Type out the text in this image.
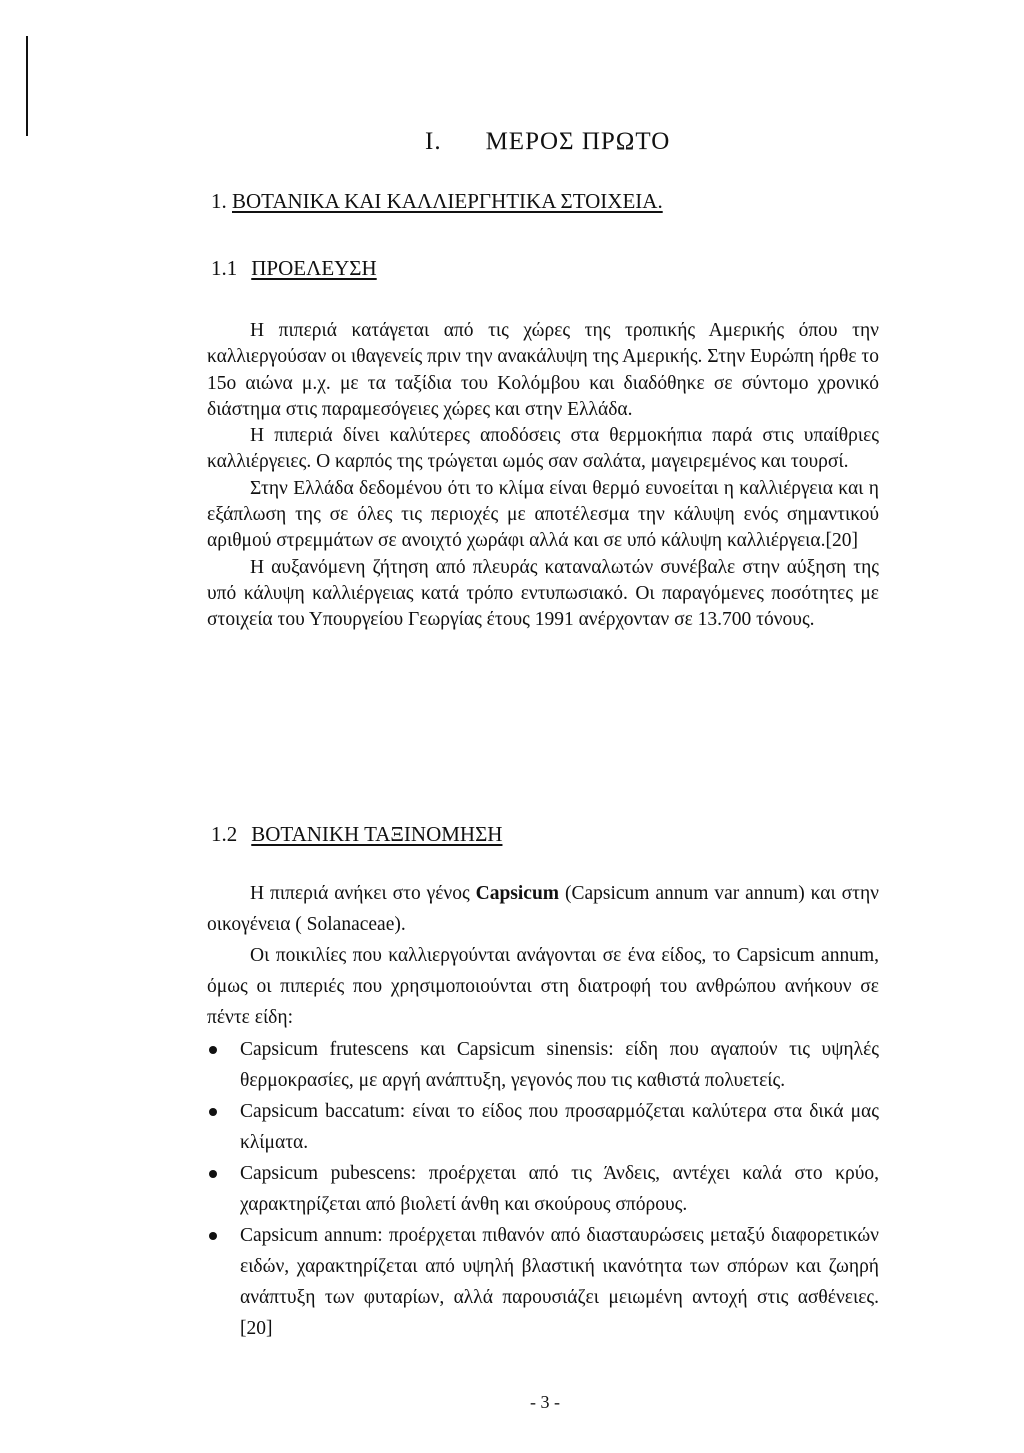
I. ΜΕΡΟΣ ΠΡΩΤΟ
1. ΒΟΤΑΝΙΚΑ ΚΑΙ ΚΑΛΛΙΕΡΓΗΤΙΚΑ ΣΤΟΙΧΕΙΑ.
1.1 ΠΡΟΕΛΕΥΣΗ

Η πιπεριά κατάγεται από τις χώρες της τροπικής Αμερικής όπου την καλλιεργούσαν οι ιθαγενείς πριν την ανακάλυψη της Αμερικής. Στην Ευρώπη ήρθε το 15ο αιώνα μ.χ. με τα ταξίδια του Κολόμβου και διαδόθηκε σε σύντομο χρονικό διάστημα στις παραμεσόγειες χώρες και στην Ελλάδα.

Η πιπεριά δίνει καλύτερες αποδόσεις στα θερμοκήπια παρά στις υπαίθριες καλλιέργειες. Ο καρπός της τρώγεται ωμός σαν σαλάτα, μαγειρεμένος και τουρσί.

Στην Ελλάδα δεδομένου ότι το κλίμα είναι θερμό ευνοείται η καλλιέργεια και η εξάπλωση της σε όλες τις περιοχές με αποτέλεσμα την κάλυψη ενός σημαντικού αριθμού στρεμμάτων σε ανοιχτό χωράφι αλλά και σε υπό κάλυψη καλλιέργεια.[20]

Η αυξανόμενη ζήτηση από πλευράς καταναλωτών συνέβαλε στην αύξηση της υπό κάλυψη καλλιέργειας κατά τρόπο εντυπωσιακό. Οι παραγόμενες ποσότητες με στοιχεία του Υπουργείου Γεωργίας έτους 1991 ανέρχονταν σε 13.700 τόνους.

1.2 ΒΟΤΑΝΙΚΗ ΤΑΞΙΝΟΜΗΣΗ

Η πιπεριά ανήκει στο γένος Capsicum (Capsicum annum var annum) και στην οικογένεια ( Solanaceae).

Οι ποικιλίες που καλλιεργούνται ανάγονται σε ένα είδος, το Capsicum annum, όμως οι πιπεριές που χρησιμοποιούνται στη διατροφή του ανθρώπου ανήκουν σε πέντε είδη:

Capsicum frutescens και Capsicum sinensis: είδη που αγαπούν τις υψηλές θερμοκρασίες, με αργή ανάπτυξη, γεγονός που τις καθιστά πολυετείς.
Capsicum baccatum: είναι το είδος που προσαρμόζεται καλύτερα στα δικά μας κλίματα.
Capsicum pubescens: προέρχεται από τις Άνδεις, αντέχει καλά στο κρύο, χαρακτηρίζεται από βιολετί άνθη και σκούρους σπόρους.
Capsicum annum: προέρχεται πιθανόν από διασταυρώσεις μεταξύ διαφορετικών ειδών, χαρακτηρίζεται από υψηλή βλαστική ικανότητα των σπόρων και ζωηρή ανάπτυξη των φυταρίων, αλλά παρουσιάζει μειωμένη αντοχή στις ασθένειες. [20]
- 3 -
